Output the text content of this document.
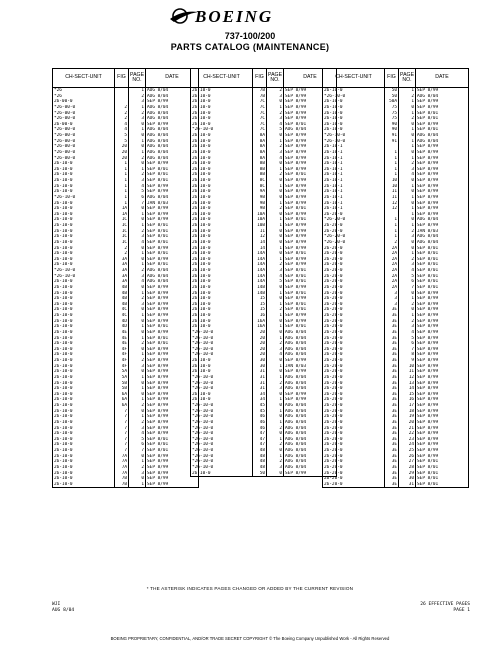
BOEING
737-100/200
PARTS CATALOG (MAINTENANCE)
CH-SECT-UNIT	FIG	PAGE NO.	DATE
*26		1	AUG 8/04
*26		2	AUG 8/04
26-00-0		3	SEP 8/99
*26-00-0	2	1	AUG 8/04
*26-00-0	2	2	AUG 8/04
*26-00-0	2	3	AUG 8/04
26-00-0	4	0	SEP 8/99
*26-00-0	4	1	AUG 8/04
*26-00-0	5	0	AUG 8/04
*26-00-0	5	1	AUG 8/04
*26-00-0	20	0	AUG 8/04
*26-00-0	20	1	AUG 8/04
*26-00-0	20	2	AUG 8/04
26-10-0	1	0	SEP 8/99
26-10-0	1	1	SEP 8/01
26-10-0	1	2	SEP 8/01
26-10-0	1	3	SEP 8/01
26-10-0	1	4	SEP 8/99
26-10-0	1	5	SEP 8/99
*26-10-0	1	6	AUG 8/04
26-10-0	1	7	JAN 8/03
26-10-0	1A	0	SEP 8/99
26-10-0	1A	1	SEP 8/99
26-10-0	1C	0	SEP 8/99
26-10-0	1C	1	SEP 8/01
26-10-0	1C	2	SEP 8/01
26-10-0	1C	3	SEP 8/01
26-10-0	1C	4	SEP 8/01
26-10-0	2	0	SEP 8/99
26-10-0	2	1	SEP 8/01
26-10-0	3A	0	SEP 8/99
26-10-0	3A	1	SEP 8/01
*26-10-0	3A	2	AUG 8/04
*26-10-0	3A	3	AUG 8/04
26-10-0	3A	4	AUG 8/04
26-10-0	4B	0	SEP 8/99
26-10-0	4B	1	SEP 8/99
26-10-0	4B	2	SEP 8/99
26-10-0	4B	3	SEP 8/99
26-10-0	4C	0	SEP 8/99
26-10-0	4C	1	SEP 8/99
26-10-0	4D	0	SEP 8/99
26-10-0	4D	1	SEP 8/01
26-10-0	4E	0	SEP 8/99
26-10-0	4E	1	SEP 8/01
26-10-0	4E	2	SEP 8/01
26-10-0	4F	0	SEP 8/99
26-10-0	4F	1	SEP 8/99
26-10-0	4F	2	SEP 8/99
26-10-0	4F	3	SEP 8/99
26-10-0	5A	0	SEP 8/99
26-10-0	5A	1	SEP 8/99
26-10-0	5B	0	SEP 8/99
26-10-0	5B	1	SEP 8/99
26-10-0	6A	0	SEP 8/99
26-10-0	6A	1	SEP 8/99
26-10-0	6A	2	SEP 8/99
26-10-0	7	0	SEP 8/99
26-10-0	7	1	SEP 8/99
26-10-0	7	2	SEP 8/99
26-10-0	7	3	SEP 8/99
26-10-0	7	4	SEP 8/99
26-10-0	7	5	SEP 8/01
26-10-0	7	6	SEP 8/01
26-10-0	7	7	SEP 8/01
26-10-0	7A	0	SEP 8/99
26-10-0	7A	1	SEP 8/99
26-10-0	7A	2	SEP 8/99
26-10-0	7A	3	SEP 8/99
26-10-0	7B	0	SEP 8/99
26-10-0	7B	1	SEP 8/99
CH-SECT-UNIT	FIG	PAGE NO.	DATE
26-10-0	7B	2	SEP 8/99
26-10-0	7B	3	SEP 8/99
26-10-0	7C	0	SEP 8/99
26-10-0	7C	1	SEP 8/99
26-10-0	7C	2	SEP 8/99
26-10-0	7C	3	SEP 8/99
26-10-0	7C	4	SEP 8/01
*26-10-0	7C	5	AUG 8/04
26-10-0	8A	0	SEP 8/99
26-10-0	8A	1	SEP 8/99
26-10-0	8A	2	SEP 8/99
26-10-0	8A	3	SEP 8/99
26-10-0	8A	4	SEP 8/99
26-10-0	8B	0	SEP 8/99
26-10-0	8B	1	SEP 8/99
26-10-0	8B	2	SEP 8/01
26-10-0	8C	0	SEP 8/99
26-10-0	8C	1	SEP 8/99
26-10-0	9A	0	SEP 8/99
26-10-0	9B	0	SEP 8/99
26-10-0	9B	1	SEP 8/99
26-10-0	9B	2	SEP 8/01
26-10-0	10A	0	SEP 8/99
26-10-0	10A	1	SEP 8/01
26-10-0	10B	1	SEP 8/99
26-10-0	11	0	SEP 8/99
26-10-0	12	0	SEP 8/99
26-10-0	14	0	SEP 8/99
26-10-0	14	1	SEP 8/99
26-10-0	14A	0	SEP 8/01
26-10-0	14A	1	SEP 8/99
26-10-0	14A	2	SEP 8/99
26-10-0	14A	3	SEP 8/01
26-10-0	14A	4	SEP 8/01
26-10-0	14A	5	SEP 8/01
26-10-0	14B	0	SEP 8/99
26-10-0	14B	1	SEP 8/01
26-10-0	15	0	SEP 8/99
26-10-0	15	1	SEP 8/01
26-10-0	15	2	SEP 8/01
26-10-0	16	1	SEP 8/99
26-10-0	16A	0	SEP 8/99
26-10-0	16A	1	SEP 8/01
*26-10-0	20	0	AUG 8/04
*26-10-0	20	1	AUG 8/04
*26-10-0	20	2	AUG 8/04
*26-10-0	20	3	AUG 8/04
*26-10-0	20	4	AUG 8/04
26-10-0	30	0	SEP 8/99
26-10-0	30	1	JAN 8/03
26-10-0	31	0	SEP 8/99
*26-10-0	31	1	AUG 8/04
*26-10-0	31	2	AUG 8/04
*26-10-0	31	3	AUG 8/04
26-10-0	34	0	SEP 8/99
26-10-0	34	1	SEP 8/99
*26-10-0	45	0	AUG 8/04
*26-10-0	45	1	AUG 8/04
*26-10-0	46	0	AUG 8/04
*26-10-0	46	1	AUG 8/04
*26-10-0	46	2	AUG 8/04
*26-10-0	47	0	AUG 8/04
*26-10-0	47	1	AUG 8/04
*26-10-0	47	2	AUG 8/04
*26-10-0	48	0	AUG 8/04
*26-10-0	48	1	AUG 8/04
*26-10-0	48	2	AUG 8/04
*26-10-0	48	3	AUG 8/04
26-10-0	50	0	SEP 8/99
CH-SECT-UNIT	FIG	PAGE NO.	DATE
26-10-0	50	1	SEP 8/99
*26-10-0	50	2	AUG 8/04
26-10-0	50A	1	SEP 8/99
26-10-0	75	0	SEP 8/99
26-10-0	75	1	SEP 8/01
26-10-0	75	2	SEP 8/01
26-10-0	90	0	SEP 8/99
26-10-0	90	1	SEP 8/01
*26-10-0	91	0	AUG 8/04
*26-10-0	91	1	AUG 8/04
26-10-1		1	SEP 8/99
26-10-1	1	0	SEP 8/99
26-10-1	1	1	SEP 8/99
26-10-1	1	2	SEP 8/99
26-10-1	1	3	SEP 8/99
26-10-1	1	4	SEP 8/99
26-10-1	10	0	SEP 8/99
26-10-1	10	1	SEP 8/99
26-10-1	11	0	SEP 8/99
26-10-1	11	1	SEP 8/99
26-10-1	12	0	SEP 8/99
26-10-1	12	1	SEP 8/99
26-20-0		1	SEP 8/99
*26-20-0	1	0	AUG 8/04
26-20-0	1	1	SEP 8/99
26-20-0	1	2	JAN 8/03
*26-20-0	1	3	AUG 8/04
*26-20-0	2	0	AUG 8/04
26-20-0	2A	0	SEP 8/01
26-20-0	2A	1	SEP 8/01
26-20-0	2A	2	SEP 8/01
26-20-0	2A	3	SEP 8/01
26-20-0	2A	4	SEP 8/01
26-20-0	2A	5	SEP 8/01
26-20-0	2A	6	SEP 8/01
26-20-0	2A	7	SEP 8/01
26-20-0	3	0	SEP 8/99
26-20-0	3	1	SEP 8/99
26-20-0	3	2	SEP 8/99
26-20-0	3E	0	SEP 8/99
26-20-0	3E	1	SEP 8/99
26-20-0	3E	2	SEP 8/99
26-20-0	3E	3	SEP 8/99
26-20-0	3E	4	SEP 8/99
26-20-0	3E	5	SEP 8/99
26-20-0	3E	6	SEP 8/99
26-20-0	3E	7	SEP 8/99
26-20-0	3E	8	SEP 8/99
26-20-0	3E	9	SEP 8/99
26-20-0	3E	10	SEP 8/99
26-20-0	3E	11	SEP 8/99
26-20-0	3E	12	SEP 8/99
26-20-0	3E	13	SEP 8/99
26-20-0	3E	14	SEP 8/99
26-20-0	3E	15	SEP 8/99
26-20-0	3E	16	SEP 8/99
26-20-0	3E	17	SEP 8/99
26-20-0	3E	18	SEP 8/99
26-20-0	3E	19	SEP 8/99
26-20-0	3E	20	SEP 8/99
26-20-0	3E	21	SEP 8/99
26-20-0	3E	22	SEP 8/99
26-20-0	3E	23	SEP 8/99
26-20-0	3E	24	SEP 8/99
26-20-0	3E	25	SEP 8/99
26-20-0	3E	26	SEP 8/99
26-20-0	3E	27	SEP 8/01
26-20-0	3E	28	SEP 8/01
26-20-0	3E	29	SEP 8/01
26-20-0	3E	30	SEP 8/01
26-20-0	3E	31	SEP 8/01
* THE ASTERISK INDICATES PAGES CHANGED OR ADDED BY THE CURRENT REVISION
WJI
AUG 8/04
26 EFFECTIVE PAGES
PAGE 1
BOEING PROPRIETARY, CONFIDENTIAL, AND/OR TRADE SECRET COPYRIGHT © The Boeing Company Unpublished Work - All Rights Reserved
